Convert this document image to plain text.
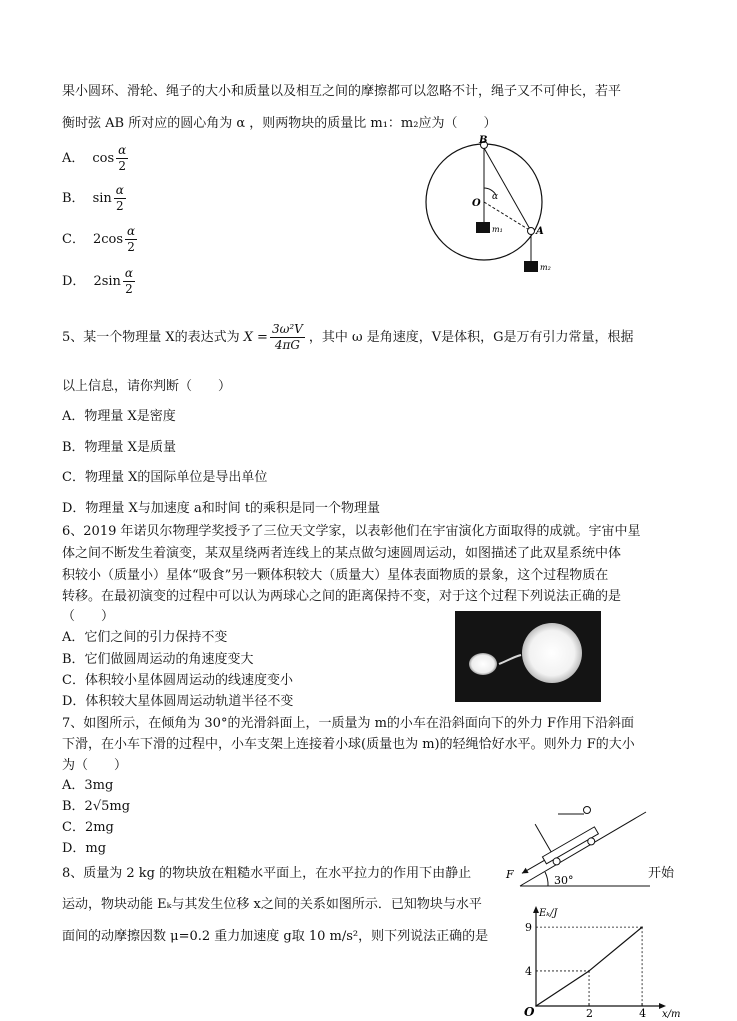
果小圆环、滑轮、绳子的大小和质量以及相互之间的摩擦都可以忽略不计，绳子又不可伸长，若平
衡时弦 AB 所对应的圆心角为 α ，则两物块的质量比 m₁：m₂应为（　　）
A． $\cos \frac{\alpha}{2}$
B． $\sin \frac{\alpha}{2}$
C． $2\cos \frac{\alpha}{2}$
D． $2\sin \frac{\alpha}{2}$
B
O
α
A
m₁
m₂
5、某一个物理量 X的表达式为 $X = \frac{\text{3ω²V}}{4\pi G}$ ，其中 ω 是角速度，V是体积，G是万有引力常量，根据
以上信息，请你判断（　　）
A．物理量 X是密度
B．物理量 X是质量
C．物理量 X的国际单位是导出单位
D．物理量 X与加速度 a和时间 t的乘积是同一个物理量
6、2019 年诺贝尔物理学奖授予了三位天文学家，以表彰他们在宇宙演化方面取得的成就。宇宙中星
体之间不断发生着演变，某双星绕两者连线上的某点做匀速圆周运动，如图描述了此双星系统中体
积较小（质量小）星体“吸食”另一颗体积较大（质量大）星体表面物质的景象，这个过程物质在
转移。在最初演变的过程中可以认为两球心之间的距离保持不变，对于这个过程下列说法正确的是
（　　）
A．它们之间的引力保持不变
B．它们做圆周运动的角速度变大
C．体积较小星体圆周运动的线速度变小
D．体积较大星体圆周运动轨道半径不变
7、如图所示，在倾角为 30°的光滑斜面上，一质量为 m的小车在沿斜面向下的外力 F作用下沿斜面
下滑，在小车下滑的过程中，小车支架上连接着小球(质量也为 m)的轻绳恰好水平。则外力 F的大小
为（　　）
A．3mg
B．2√5mg
C．2mg
D．mg
F	30°
8、质量为 2 kg 的物块放在粗糙水平面上，在水平拉力的作用下由静止	开始
运动，物块动能 Eₖ与其发生位移 x之间的关系如图所示．已知物块与水平
面间的动摩擦因数 μ=0.2 重力加速度 g取 10 m/s²，则下列说法正确的是
O	2	4
4
9
x/m
Eₖ/J
